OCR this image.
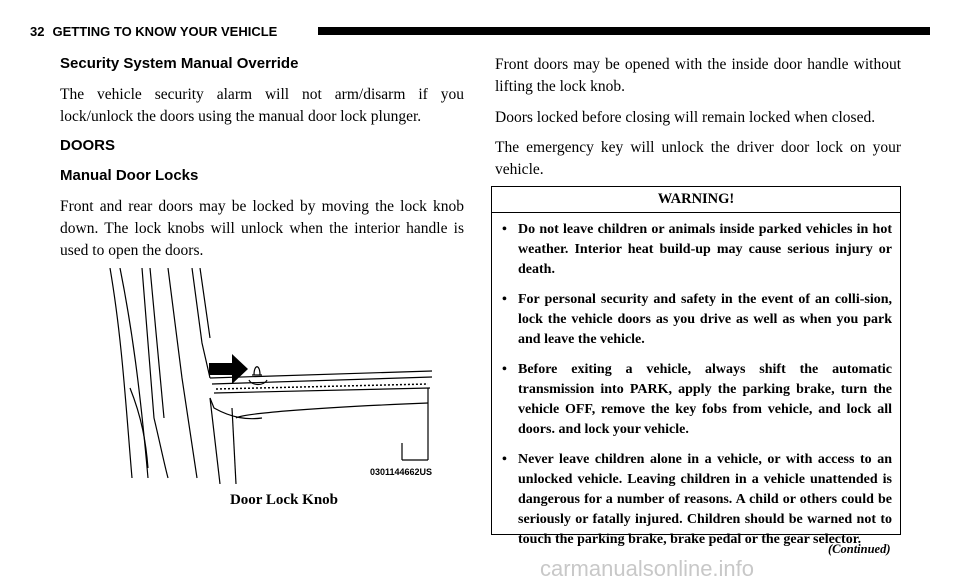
32 GETTING TO KNOW YOUR VEHICLE
Security System Manual Override

The vehicle security alarm will not arm/disarm if you lock/unlock the doors using the manual door lock plunger.

DOORS
Manual Door Locks

Front and rear doors may be locked by moving the lock knob down. The lock knobs will unlock when the interior handle is used to open the doors.

0301144662US
Door Lock Knob

Front doors may be opened with the inside door handle without lifting the lock knob.

Doors locked before closing will remain locked when closed.

The emergency key will unlock the driver door lock on your vehicle.

WARNING!
• Do not leave children or animals inside parked vehicles in hot weather. Interior heat build-up may cause serious injury or death.
• For personal security and safety in the event of an colli-sion, lock the vehicle doors as you drive as well as when you park and leave the vehicle.
• Before exiting a vehicle, always shift the automatic transmission into PARK, apply the parking brake, turn the vehicle OFF, remove the key fobs from vehicle, and lock all doors. and lock your vehicle.
• Never leave children alone in a vehicle, or with access to an unlocked vehicle. Leaving children in a vehicle unattended is dangerous for a number of reasons. A child or others could be seriously or fatally injured. Children should be warned not to touch the parking brake, brake pedal or the gear selector.
(Continued)
carmanualsonline.info
